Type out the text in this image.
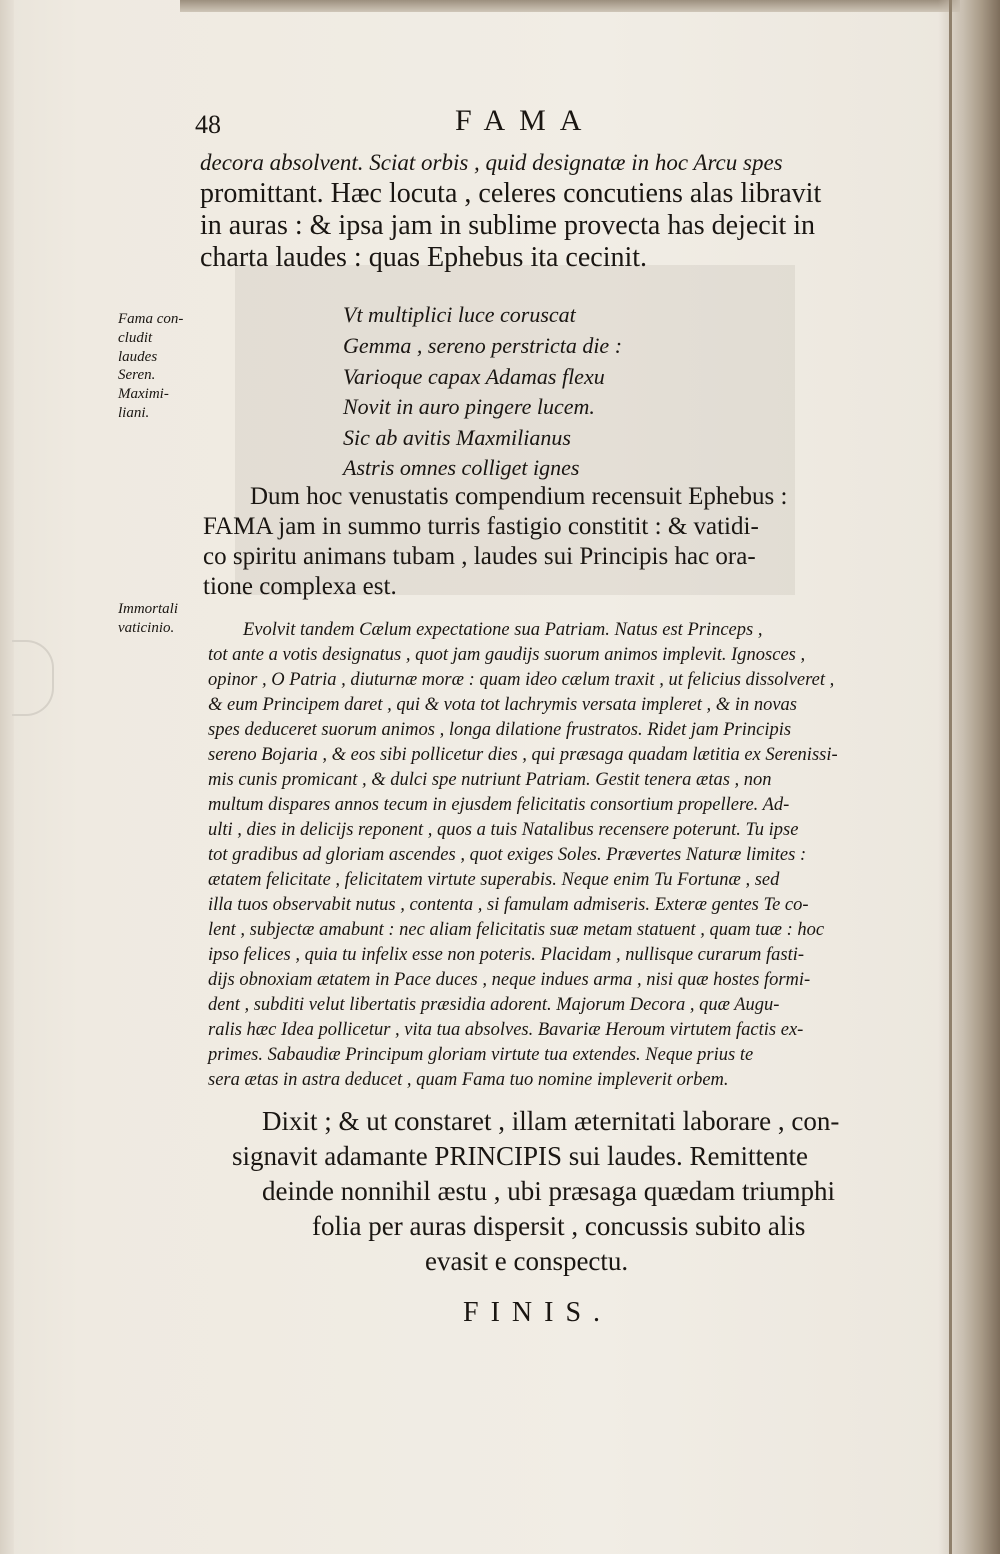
48	FAMA
decora absolvent. Sciat orbis , quid designatæ in hoc Arcu spes
promittant. Hæc locuta , celeres concutiens alas libravit
in auras : & ipsa jam in sublime provecta has dejecit in
charta laudes : quas Ephebus ita cecinit.
Fama con-
cludit
laudes
Seren.
Maximi-
liani.
Vt multiplici luce coruscat
Gemma , sereno perstricta die :
Varioque capax Adamas flexu
Novit in auro pingere lucem.
Sic ab avitis Maxmilianus
Astris omnes colliget ignes
Dum hoc venustatis compendium recensuit Ephebus :
FAMA jam in summo turris fastigio constitit : & vatidi-
co spiritu animans tubam , laudes sui Principis hac ora-
tione complexa est.
Immortali
vaticinio.	Evolvit tandem Cælum expectatione sua Patriam. Natus est Princeps ,
tot ante a votis designatus , quot jam gaudijs suorum animos implevit. Ignosces ,
opinor , O Patria , diuturnæ moræ : quam ideo cælum traxit , ut felicius dissolveret ,
& eum Principem daret , qui & vota tot lachrymis versata impleret , & in novas
spes deduceret suorum animos , longa dilatione frustratos. Ridet jam Principis
sereno Bojaria , & eos sibi pollicetur dies , qui præsaga quadam lætitia ex Serenissi-
mis cunis promicant , & dulci spe nutriunt Patriam. Gestit tenera ætas , non
multum dispares annos tecum in ejusdem felicitatis consortium propellere. Ad-
ulti , dies in delicijs reponent , quos a tuis Natalibus recensere poterunt. Tu ipse
tot gradibus ad gloriam ascendes , quot exiges Soles. Prævertes Naturæ limites :
ætatem felicitate , felicitatem virtute superabis. Neque enim Tu Fortunæ , sed
illa tuos observabit nutus , contenta , si famulam admiseris. Exteræ gentes Te co-
lent , subjectæ amabunt : nec aliam felicitatis suæ metam statuent , quam tuæ : hoc
ipso felices , quia tu infelix esse non poteris. Placidam , nullisque curarum fasti-
dijs obnoxiam ætatem in Pace duces , neque indues arma , nisi quæ hostes formi-
dent , subditi velut libertatis præsidia adorent. Majorum Decora , quæ Augu-
ralis hæc Idea pollicetur , vita tua absolves. Bavariæ Heroum virtutem factis ex-
primes. Sabaudiæ Principum gloriam virtute tua extendes. Neque prius te
sera ætas in astra deducet , quam Fama tuo nomine impleverit orbem.
Dixit ; & ut constaret , illam æternitati laborare , con-
signavit adamante PRINCIPIS sui laudes. Remittente
deinde nonnihil æstu , ubi præsaga quædam triumphi
folia per auras dispersit , concussis subito alis
evasit e conspectu.
FINIS.
